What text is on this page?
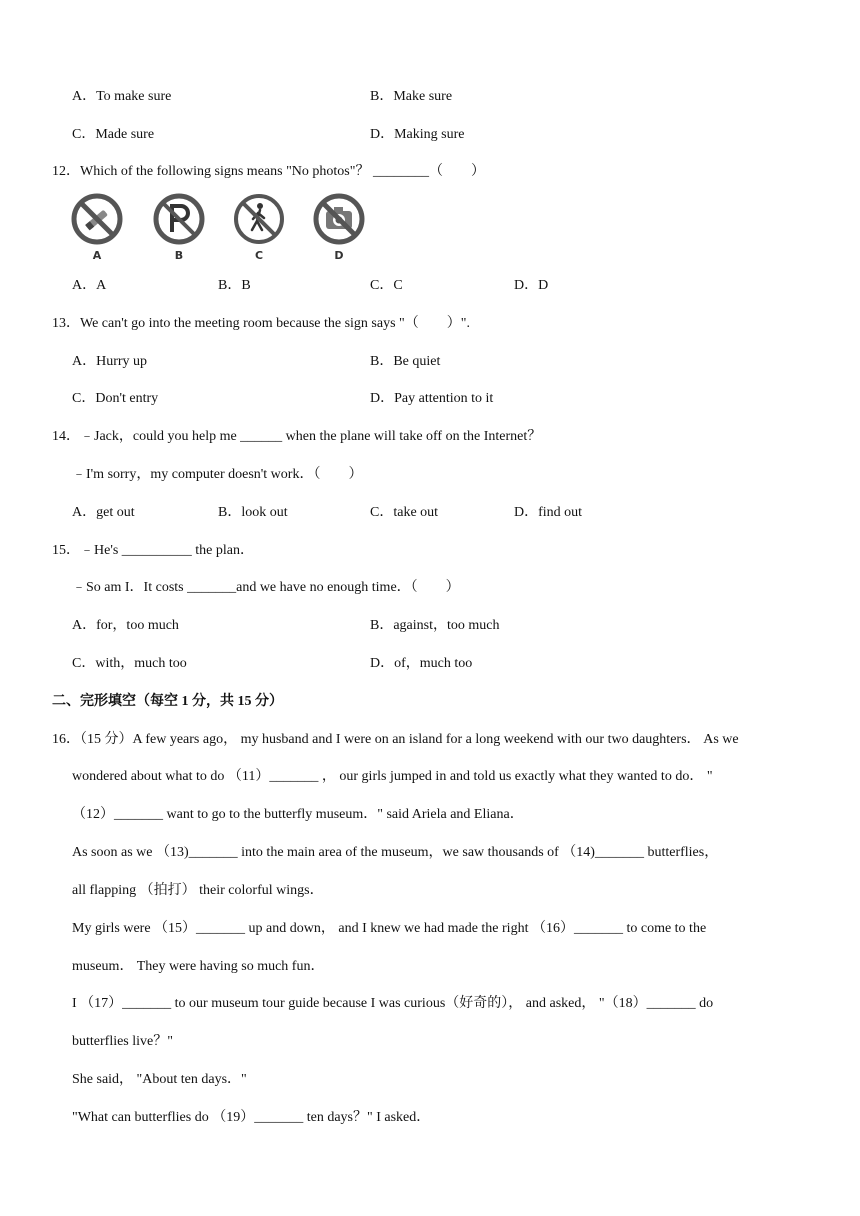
A．To make sure	B．Make sure
C．Made sure	D．Making sure
12．Which of the following signs means "No photos"？ ________（　　）
A	B	C	D
A．A	B．B	C．C	D．D
13．We can't go into the meeting room because the sign says "（　　）".
A．Hurry up	B．Be quiet
C．Don't entry	D．Pay attention to it
14．﹣Jack，could you help me ______ when the plane will take off on the Internet？
﹣I'm sorry，my computer doesn't work．（　　）
A．get out	B．look out	C．take out	D．find out
15．﹣He's __________ the plan．
﹣So am I．It costs _______and we have no enough time．（　　）
A．for，too much	B．against，too much
C．with，much too	D．of，much too
二、完形填空（每空 1 分，共 15 分）
16．（15 分）A few years ago， my husband and I were on an island for a long weekend with our two daughters． As we
wondered about what to do （11）_______ ， our girls jumped in and told us exactly what they wanted to do． "
（12）_______ want to go to the butterfly museum．" said Ariela and Eliana．
As soon as we （13)_______ into the main area of the museum，we saw thousands of （14)_______ butterflies，
all flapping （拍打） their colorful wings．
My girls were （15）_______ up and down， and I knew we had made the right （16）_______ to come to the
museum． They were having so much fun．
I （17）_______ to our museum tour guide because I was curious（好奇的）， and asked， "（18）_______ do
butterflies live？"
She said， "About ten days．"
"What can butterflies do （19）_______ ten days？" I asked．
